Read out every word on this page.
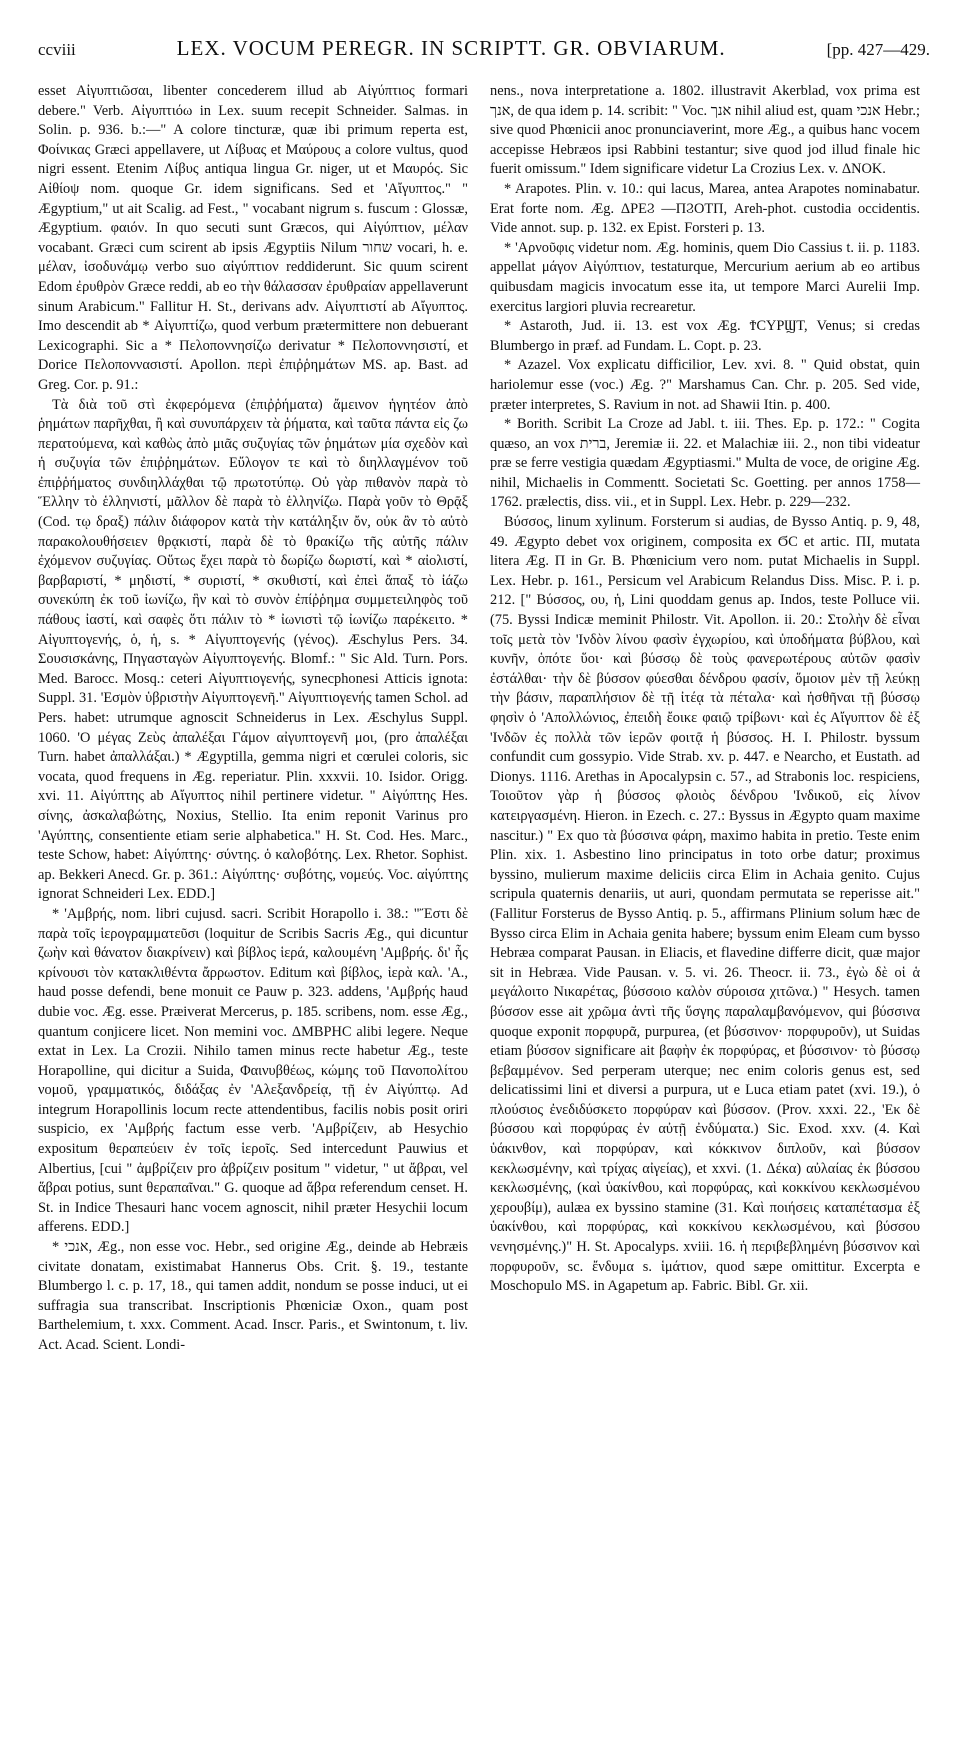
ccviii	LEX. VOCUM PEREGR. IN SCRIPTT. GR. OBVIARUM.	[pp. 427—429.

esset Αἰγυπτιῶσαι, libenter concederem illud ab Αἰγύπτιος formari debere." Verb. Αἰγυπτιόω in Lex. suum recepit Schneider. Salmas. in Solin. p. 936. b.:—" A colore tincturæ, quæ ibi primum reperta est, Φοίνικας Græci appellavere, ut Λίβυας et Μαύρους a colore vultus, quod nigri essent. Etenim Λίβυς antiqua lingua Gr. niger, ut et Μαυρός. Sic Αἰθίοψ nom. quoque Gr. idem significans. Sed et 'Αἴγυπτος." " Ægyptium," ut ait Scalig. ad Fest., " vocabant nigrum s. fuscum : Glossæ, Ægyptium. φαιόν. In quo secuti sunt Græcos, qui Αἰγύπτιον, μέλαν vocabant. Græci cum scirent ab ipsis Ægyptiis Nilum שחור vocari, h. e. μέλαν, ἰσοδυνάμῳ verbo suo αἰγύπτιον reddiderunt. Sic quum scirent Edom ἐρυθρὸν Græce reddi, ab eo τὴν θάλασσαν ἐρυθραίαν appellaverunt sinum Arabicum." Fallitur H. St., derivans adv. Αἰγυπτιστί ab Αἴγυπτος. Imo descendit ab * Αἰγυπτίζω, quod verbum prætermittere non debuerant Lexicographi. Sic a * Πελοποννησίζω derivatur * Πελοποννησιστί, et Dorice Πελοποννασιστί. Apollon. περὶ ἐπιῤῥημάτων MS. ap. Bast. ad Greg. Cor. p. 91.:

Τὰ διὰ τοῦ στὶ ἐκφερόμενα (ἐπιῤῥήματα) ἄμεινον ἡγητέον ἀπὸ ῥημάτων παρῆχθαι, ἢ καὶ συνυπάρχειν τὰ ῥήματα, καὶ ταῦτα πάντα εἰς ζω περατούμενα, καὶ καθὼς ἀπὸ μιᾶς συζυγίας τῶν ῥημάτων μία σχεδὸν καὶ ἡ συζυγία τῶν ἐπιῤῥημάτων. Εὔλογον τε καὶ τὸ διηλλαγμένον τοῦ ἐπιῤῥήματος συνδιηλλάχθαι τῷ πρωτοτύπῳ. Οὐ γὰρ πιθανὸν παρὰ τὸ Ἕλλην τὸ ἑλληνιστί, μᾶλλον δὲ παρὰ τὸ ἑλληνίζω. Παρὰ γοῦν τὸ Θρᾷξ (Cod. τῳ δραξ) πάλιν διάφορον κατὰ τὴν κατάληξιν ὄν, οὐκ ἂν τὸ αὐτὸ παρακολουθήσειεν θρᾳκιστί, παρὰ δὲ τὸ θρακίζω τῆς αὐτῆς πάλιν ἐχόμενον συζυγίας. Οὕτως ἔχει παρὰ τὸ δωρίζω δωριστί, καὶ * αἰολιστί, βαρβαριστί, * μηδιστί, * συριστί, * σκυθιστί, καὶ ἐπεὶ ἅπαξ τὸ ἰάζω συνεκύπη ἐκ τοῦ ἰωνίζω, ἣν καὶ τὸ συνὸν ἐπίῤῥημα συμμετειληφὸς τοῦ πάθους ἰαστί, καὶ σαφὲς ὅτι πάλιν τὸ * ἰωνιστὶ τῷ ἰωνίζω παρέκειτο. * Αἰγυπτογενής, ὁ, ἡ, s. * Αἰγυπτογενής (γένος). Æschylus Pers. 34. Σουσισκάνης, Πηγασταγὼν Αἰγυπτογενής. Blomf.: " Sic Ald. Turn. Pors. Med. Barocc. Mosq.: ceteri Αἰγυπτιογενής, synecphonesi Atticis ignota: Suppl. 31. 'Εσμὸν ὑβριστὴν Αἰγυπτογενῆ." Αἰγυπτιογενής tamen Schol. ad Pers. habet: utrumque agnoscit Schneiderus in Lex. Æschylus Suppl. 1060. 'Ο μέγας Ζεὺς ἀπαλέξαι Γάμον αἰγυπτογενῆ μοι, (pro ἀπαλέξαι Turn. habet ἀπαλλάξαι.) * Ægyptilla, gemma nigri et cœrulei coloris, sic vocata, quod frequens in Æg. reperiatur. Plin. xxxvii. 10. Isidor. Origg. xvi. 11. Αἰγύπτης ab Αἴγυπτος nihil pertinere videtur. " Αἰγύπτης Hes. σίνης, ἀσκαλαβώτης, Noxius, Stellio. Ita enim reponit Varinus pro 'Αγύπτης, consentiente etiam serie alphabetica." H. St. Cod. Hes. Marc., teste Schow, habet: Αἰγύπτης· σύντης. ὁ καλοβότης. Lex. Rhetor. Sophist. ap. Bekkeri Anecd. Gr. p. 361.: Αἰγύπτης· συβότης, νομεύς. Voc. αἰγύπτης ignorat Schneideri Lex. EDD.]

* 'Αμβρής, nom. libri cujusd. sacri. Scribit Horapollo i. 38.: "Ἔστι δὲ παρὰ τοῖς ἱερογραμματεῦσι (loquitur de Scribis Sacris Æg., qui dicuntur ζωὴν καὶ θάνατον διακρίνειν) καὶ βίβλος ἱερά, καλουμένη 'Αμβρής. δι' ἧς κρίνουσι τὸν κατακλιθέντα ἄρρωστον. Editum καὶ βίβλος, ἱερὰ καλ. 'Α., haud posse defendi, bene monuit ce Pauw p. 323. addens, 'Αμβρής haud dubie voc. Æg. esse. Præiverat Mercerus, p. 185. scribens, nom. esse Æg., quantum conjicere licet. Non memini voc. ΔΜΒΡΗϹ alibi legere. Neque extat in Lex. La Crozii. Nihilo tamen minus recte habetur Æg., teste Horapolline, qui dicitur a Suida, Φαινυβθέως, κώμης τοῦ Πανοπολίτου νομοῦ, γραμματικός, διδάξας ἐν 'Αλεξανδρείᾳ, τῇ ἐν Αἰγύπτῳ. Ad integrum Horapollinis locum recte attendentibus, facilis nobis posit oriri suspicio, ex 'Αμβρής factum esse verb. 'Αμβρίζειν, ab Hesychio expositum θεραπεύειν ἐν τοῖς ἱεροῖς. Sed intercedunt Pauwius et Albertius, [cui " ἀμβρίζειν pro ἀβρίζειν positum " videtur, " ut ἄβραι, vel ἅβραι potius, sunt θεραπαῖναι." G. quoque ad ἅβρα referendum censet. H. St. in Indice Thesauri hanc vocem agnoscit, nihil præter Hesychii locum afferens. EDD.]

* אנכי, Æg., non esse voc. Hebr., sed origine Æg., deinde ab Hebræis civitate donatam, existimabat Hannerus Obs. Crit. §. 19., testante Blumbergo l. c. p. 17, 18., qui tamen addit, nondum se posse induci, ut ei suffragia sua transcribat. Inscriptionis Phœniciæ Oxon., quam post Barthelemium, t. xxx. Comment. Acad. Inscr. Paris., et Swintonum, t. liv. Act. Acad. Scient. Londi-

nens., nova interpretatione a. 1802. illustravit Akerblad, vox prima est אנך, de qua idem p. 14. scribit: " Voc. אנך nihil aliud est, quam אנכי Hebr.; sive quod Phœnicii anoc pronunciaverint, more Æg., a quibus hanc vocem accepisse Hebræos ipsi Rabbini testantur; sive quod jod illud finale hic fuerit omissum." Idem significare videtur La Crozius Lex. v. ΔΝΟΚ.

* Arapotes. Plin. v. 10.: qui lacus, Marea, antea Arapotes nominabatur. Erat forte nom. Æg. ΔΡΕϨ —ΠϨΟΤΠ, Areh-phot. custodia occidentis. Vide annot. sup. p. 132. ex Epist. Forsteri p. 13.

* 'Αρνοῦφις videtur nom. Æg. hominis, quem Dio Cassius t. ii. p. 1183. appellat μάγον Αἰγύπτιον, testaturque, Mercurium aerium ab eo artibus quibusdam magicis invocatum esse ita, ut tempore Marci Aurelii Imp. exercitus largiori pluvia recrearetur.

* Astaroth, Jud. ii. 13. est vox Æg. ϮϹΥΡϢΤ, Venus; si credas Blumbergo in præf. ad Fundam. L. Copt. p. 23.

* Azazel. Vox explicatu difficilior, Lev. xvi. 8. " Quid obstat, quin hariolemur esse (voc.) Æg. ?" Marshamus Can. Chr. p. 205. Sed vide, præter interpretes, S. Ravium in not. ad Shawii Itin. p. 400.

* Borith. Scribit La Croze ad Jabl. t. iii. Thes. Ep. p. 172.: " Cogita quæso, an vox ברית, Jeremiæ ii. 22. et Malachiæ iii. 2., non tibi videatur præ se ferre vestigia quædam Ægyptiasmi." Multa de voce, de origine Æg. nihil, Michaelis in Commentt. Societati Sc. Goetting. per annos 1758—1762. prælectis, diss. vii., et in Suppl. Lex. Hebr. p. 229—232.

Βύσσος, linum xylinum. Forsterum si audias, de Bysso Antiq. p. 9, 48, 49. Ægypto debet vox originem, composita ex ϬϹ et artic. ΠΙ, mutata litera Æg. Π in Gr. Β. Phœnicium vero nom. putat Michaelis in Suppl. Lex. Hebr. p. 161., Persicum vel Arabicum Relandus Diss. Misc. P. i. p. 212. [" Βύσσος, ου, ἡ, Lini quoddam genus ap. Indos, teste Polluce vii. (75. Byssi Indicæ meminit Philostr. Vit. Apollon. ii. 20.: Στολὴν δὲ εἶναι τοῖς μετὰ τὸν 'Ινδὸν λίνου φασὶν ἐγχωρίου, καὶ ὑποδήματα βύβλου, καὶ κυνῆν, ὁπότε ὕοι· καὶ βύσσῳ δὲ τοὺς φανερωτέρους αὐτῶν φασὶν ἐστάλθαι· τὴν δὲ βύσσον φύεσθαι δένδρου φασίν, ὅμοιον μὲν τῇ λεύκῃ τὴν βάσιν, παραπλήσιον δὲ τῇ ἰτέᾳ τὰ πέταλα· καὶ ἡσθῆναι τῇ βύσσῳ φησὶν ὁ 'Απολλώνιος, ἐπειδὴ ἔοικε φαιῷ τρίβωνι· καὶ ἐς Αἴγυπτον δὲ ἐξ 'Ινδῶν ἐς πολλὰ τῶν ἱερῶν φοιτᾷ ἡ βύσσος. H. I. Philostr. byssum confundit cum gossypio. Vide Strab. xv. p. 447. e Nearcho, et Eustath. ad Dionys. 1116. Arethas in Apocalypsin c. 57., ad Strabonis loc. respiciens, Τοιοῦτον γὰρ ἡ βύσσος φλοιὸς δένδρου 'Ινδικοῦ, εἰς λίνον κατειργασμένη. Hieron. in Ezech. c. 27.: Byssus in Ægypto quam maxime nascitur.) " Ex quo τὰ βύσσινα φάρη, maximo habita in pretio. Teste enim Plin. xix. 1. Asbestino lino principatus in toto orbe datur; proximus byssino, mulierum maxime deliciis circa Elim in Achaia genito. Cujus scripula quaternis denariis, ut auri, quondam permutata se reperisse ait." (Fallitur Forsterus de Bysso Antiq. p. 5., affirmans Plinium solum hæc de Bysso circa Elim in Achaia genita habere; byssum enim Eleam cum bysso Hebræa comparat Pausan. in Eliacis, et flavedine differre dicit, quæ major sit in Hebræa. Vide Pausan. v. 5. vi. 26. Theocr. ii. 73., ἐγὼ δὲ οἱ ἁ μεγάλοιτο Νικαρέτας, βύσσοιο καλὸν σύροισα χιτῶνα.) " Hesych. tamen βύσσον esse ait χρῶμα ἀντὶ τῆς ὕσγης παραλαμβανόμενον, qui βύσσινα quoque exponit πορφυρᾶ, purpurea, (et βύσσινον· πορφυροῦν), ut Suidas etiam βύσσον significare ait βαφὴν ἐκ πορφύρας, et βύσσινον· τὸ βύσσῳ βεβαμμένον. Sed perperam uterque; nec enim coloris genus est, sed delicatissimi lini et diversi a purpura, ut e Luca etiam patet (xvi. 19.), ὁ πλούσιος ἐνεδιδύσκετο πορφύραν καὶ βύσσον. (Prov. xxxi. 22., 'Εκ δὲ βύσσου καὶ πορφύρας ἐν αὐτῇ ἐνδύματα.) Sic. Exod. xxv. (4. Καὶ ὑάκινθον, καὶ πορφύραν, καὶ κόκκινον διπλοῦν, καὶ βύσσον κεκλωσμένην, καὶ τρίχας αἰγείας), et xxvi. (1. Δέκα) αὐλαίας ἐκ βύσσου κεκλωσμένης, (καὶ ὑακίνθου, καὶ πορφύρας, καὶ κοκκίνου κεκλωσμένου χερουβίμ), aulæa ex byssino stamine (31. Καὶ ποιήσεις καταπέτασμα ἐξ ὑακίνθου, καὶ πορφύρας, καὶ κοκκίνου κεκλωσμένου, καὶ βύσσου νενησμένης.)" H. St. Apocalyps. xviii. 16. ἡ περιβεβλημένη βύσσινον καὶ πορφυροῦν, sc. ἔνδυμα s. ἱμάτιον, quod sæpe omittitur. Excerpta e Moschopulo MS. in Agapetum ap. Fabric. Bibl. Gr. xii.
